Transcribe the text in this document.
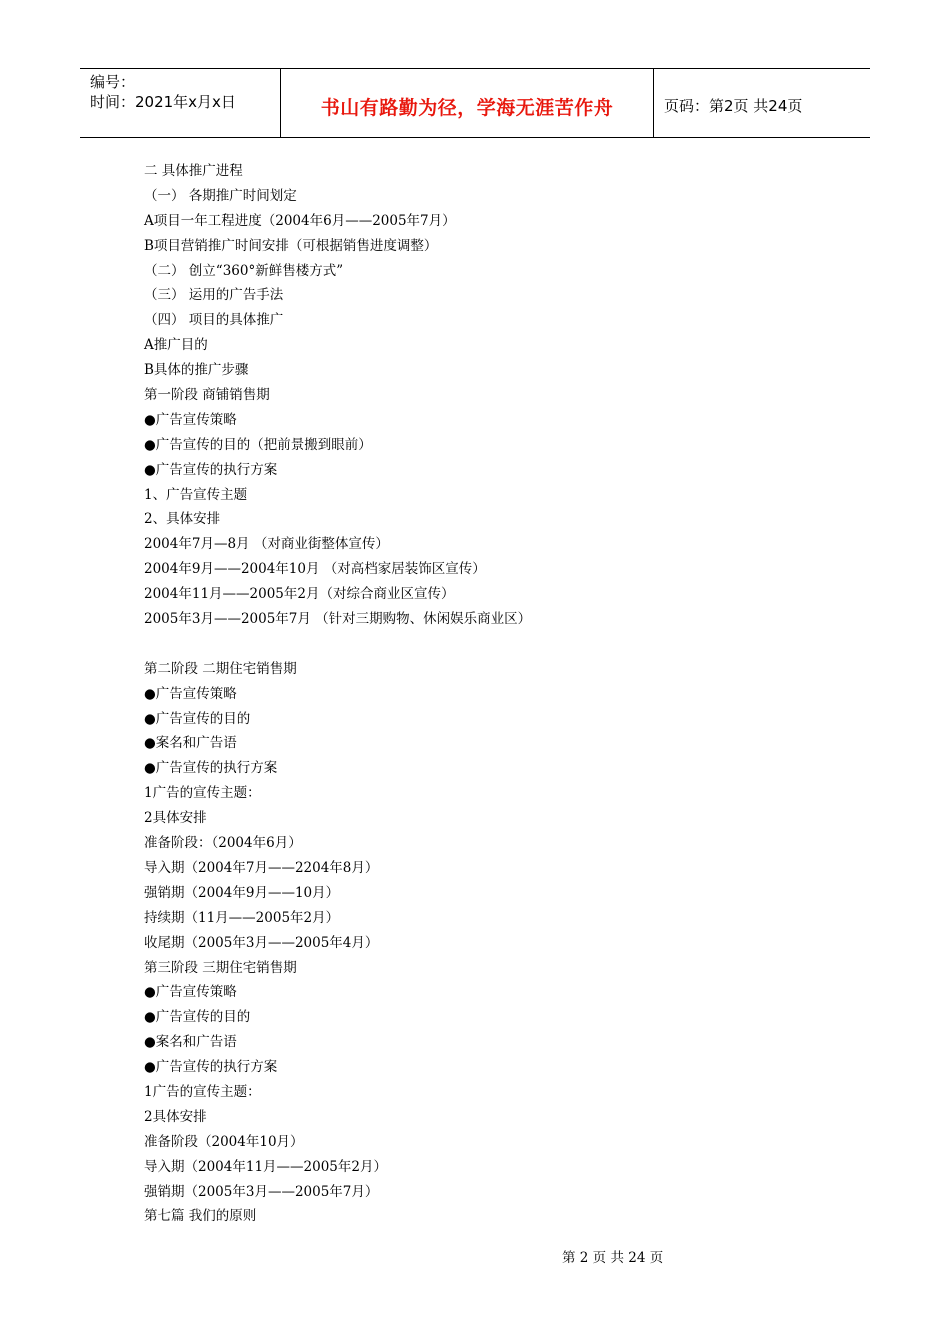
编号：
时间：2021年x月x日	书山有路勤为径，学海无涯苦作舟	页码：第2页 共24页
二 具体推广进程
（一） 各期推广时间划定
A项目一年工程进度（2004年6月——2005年7月）
B项目营销推广时间安排（可根据销售进度调整）
（二） 创立“360°新鲜售楼方式”
（三） 运用的广告手法
（四） 项目的具体推广
A推广目的
B具体的推广步骤
第一阶段 商铺销售期
●广告宣传策略
●广告宣传的目的（把前景搬到眼前）
●广告宣传的执行方案
1、广告宣传主题
2、具体安排
2004年7月—8月 （对商业街整体宣传）
2004年9月——2004年10月 （对高档家居装饰区宣传）
2004年11月——2005年2月（对综合商业区宣传）
2005年3月——2005年7月 （针对三期购物、休闲娱乐商业区）
第二阶段 二期住宅销售期
●广告宣传策略
●广告宣传的目的
●案名和广告语
●广告宣传的执行方案
1广告的宣传主题：
2具体安排
准备阶段：（2004年6月）
导入期（2004年7月——2204年8月）
强销期（2004年9月——10月）
持续期（11月——2005年2月）
收尾期（2005年3月——2005年4月）
第三阶段 三期住宅销售期
●广告宣传策略
●广告宣传的目的
●案名和广告语
●广告宣传的执行方案
1广告的宣传主题：
2具体安排
准备阶段（2004年10月）
导入期（2004年11月——2005年2月）
强销期（2005年3月——2005年7月）
第七篇 我们的原则
第 2 页 共 24 页
